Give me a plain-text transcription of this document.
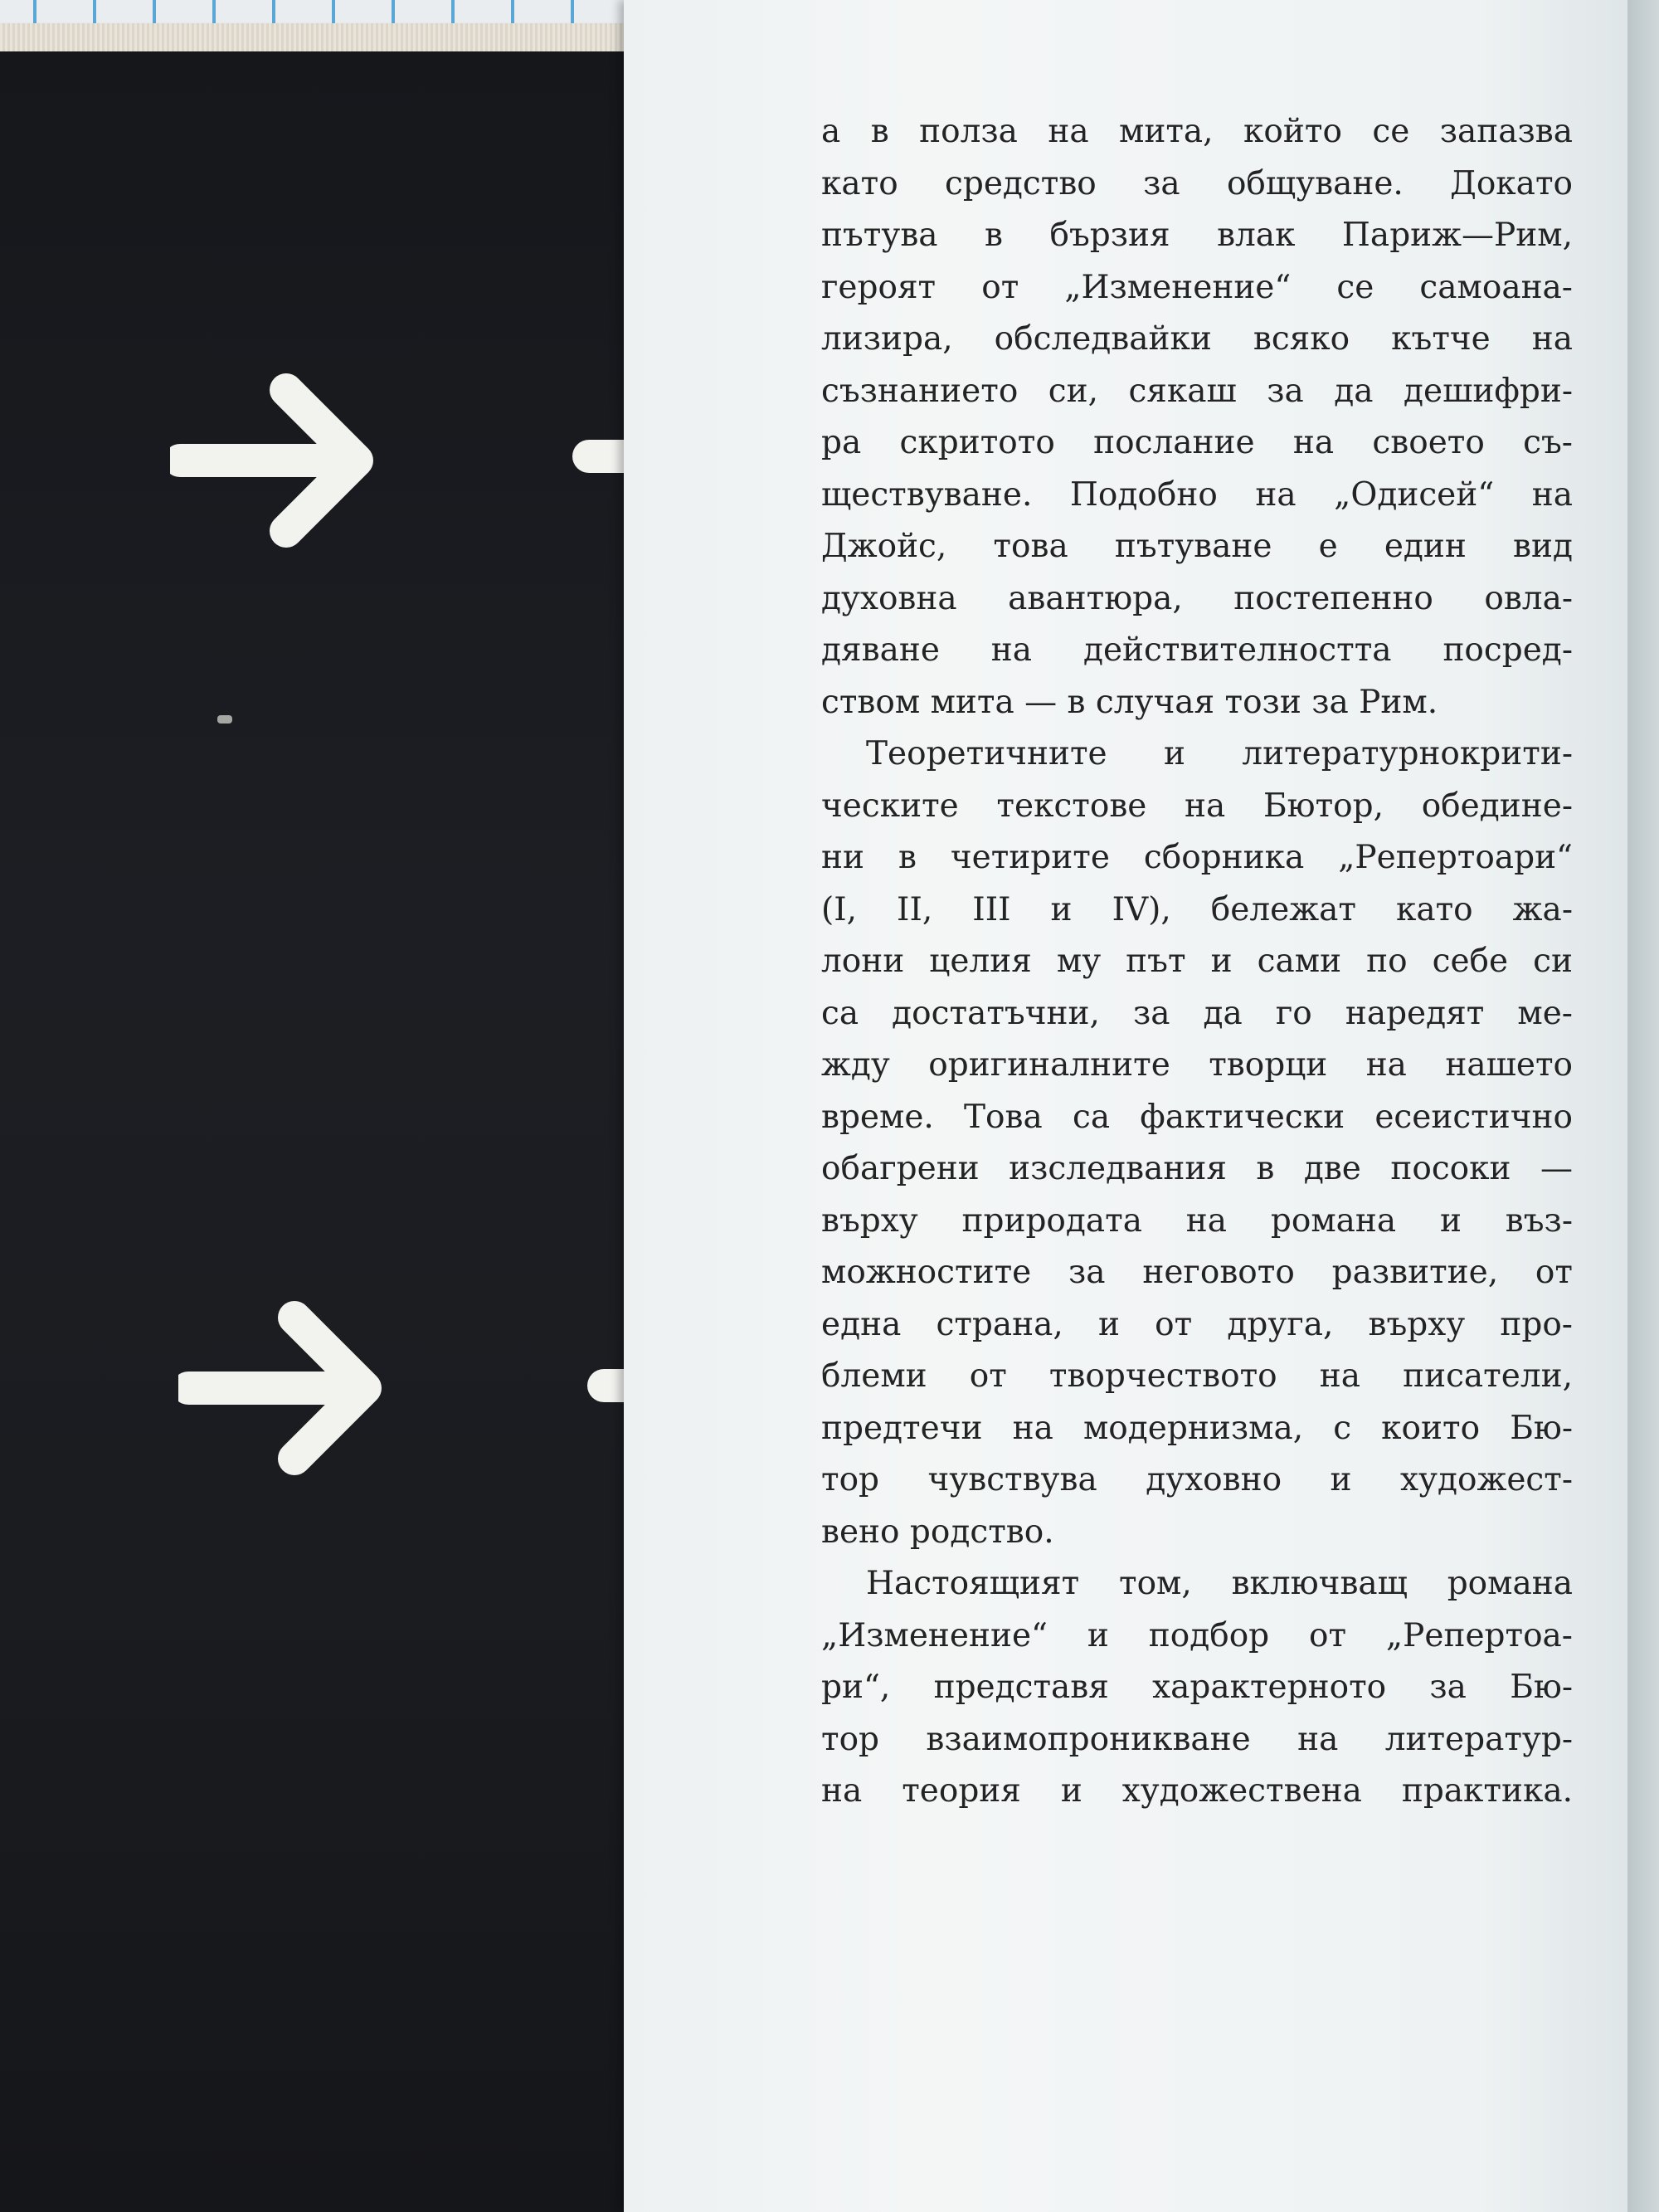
а в полза на мита, който се запазва
като средство за общуване. Докато
пътува в бързия влак Париж—Рим,
героят от „Изменение“ се самоана-
лизира, обследвайки всяко кътче на
съзнанието си, сякаш за да дешифри-
ра скритото послание на своето съ-
ществуване. Подобно на „Одисей“ на
Джойс, това пътуване е един вид
духовна авантюра, постепенно овла-
дяване на действителността посред-
ством мита — в случая този за Рим.
Теоретичните и литературнокрити-
ческите текстове на Бютор, обедине-
ни в четирите сборника „Репертоари“
(I, II, III и IV), бележат като жа-
лони целия му път и сами по себе си
са достатъчни, за да го наредят ме-
жду оригиналните творци на нашето
време. Това са фактически есеистично
обагрени изследвания в две посоки —
върху природата на романа и въз-
можностите за неговото развитие, от
една страна, и от друга, върху про-
блеми от творчеството на писатели,
предтечи на модернизма, с които Бю-
тор чувствува духовно и художест-
вено родство.
Настоящият том, включващ романа
„Изменение“ и подбор от „Репертоа-
ри“, представя характерното за Бю-
тор взаимопроникване на литератур-
на теория и художествена практика.
